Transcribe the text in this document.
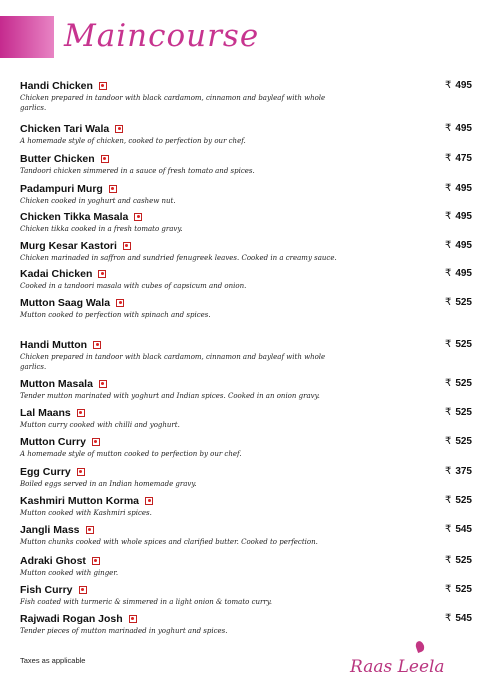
Maincourse
Handi Chicken
Chicken prepared in tandoor with black cardamom, cinnamon and bayleaf with whole garlics.
₹ 495
Chicken Tari Wala
A homemade style of chicken, cooked to perfection by our chef.
₹ 495
Butter Chicken
Tandoori chicken simmered in a sauce of fresh tomato and spices.
₹ 475
Padampuri Murg
Chicken cooked in yoghurt and cashew nut.
₹ 495
Chicken Tikka Masala
Chicken tikka cooked in a fresh tomato gravy.
₹ 495
Murg Kesar Kastori
Chicken marinaded in saffron and sundried fenugreek leaves. Cooked in a creamy sauce.
₹ 495
Kadai Chicken
Cooked in a tandoori masala with cubes of capsicum and onion.
₹ 495
Mutton Saag Wala
Mutton cooked to perfection with spinach and spices.
₹ 525
Handi Mutton
Chicken prepared in tandoor with black cardamom, cinnamon and bayleaf with whole garlics.
₹ 525
Mutton Masala
Tender mutton marinated with yoghurt and Indian spices. Cooked in an onion gravy.
₹ 525
Lal Maans
Mutton curry cooked with chilli and yoghurt.
₹ 525
Mutton Curry
A homemade style of mutton cooked to perfection by our chef.
₹ 525
Egg Curry
Boiled eggs served in an Indian homemade gravy.
₹ 375
Kashmiri Mutton Korma
Mutton cooked with Kashmiri spices.
₹ 525
Jangli Mass
Mutton chunks cooked with whole spices and clarified butter. Cooked to perfection.
₹ 545
Adraki Ghost
Mutton cooked with ginger.
₹ 525
Fish Curry
Fish coated with turmeric & simmered in a light onion & tomato curry.
₹ 525
Rajwadi Rogan Josh
Tender pieces of mutton marinaded in yoghurt and spices.
₹ 545
Taxes as applicable	Raas Leela
